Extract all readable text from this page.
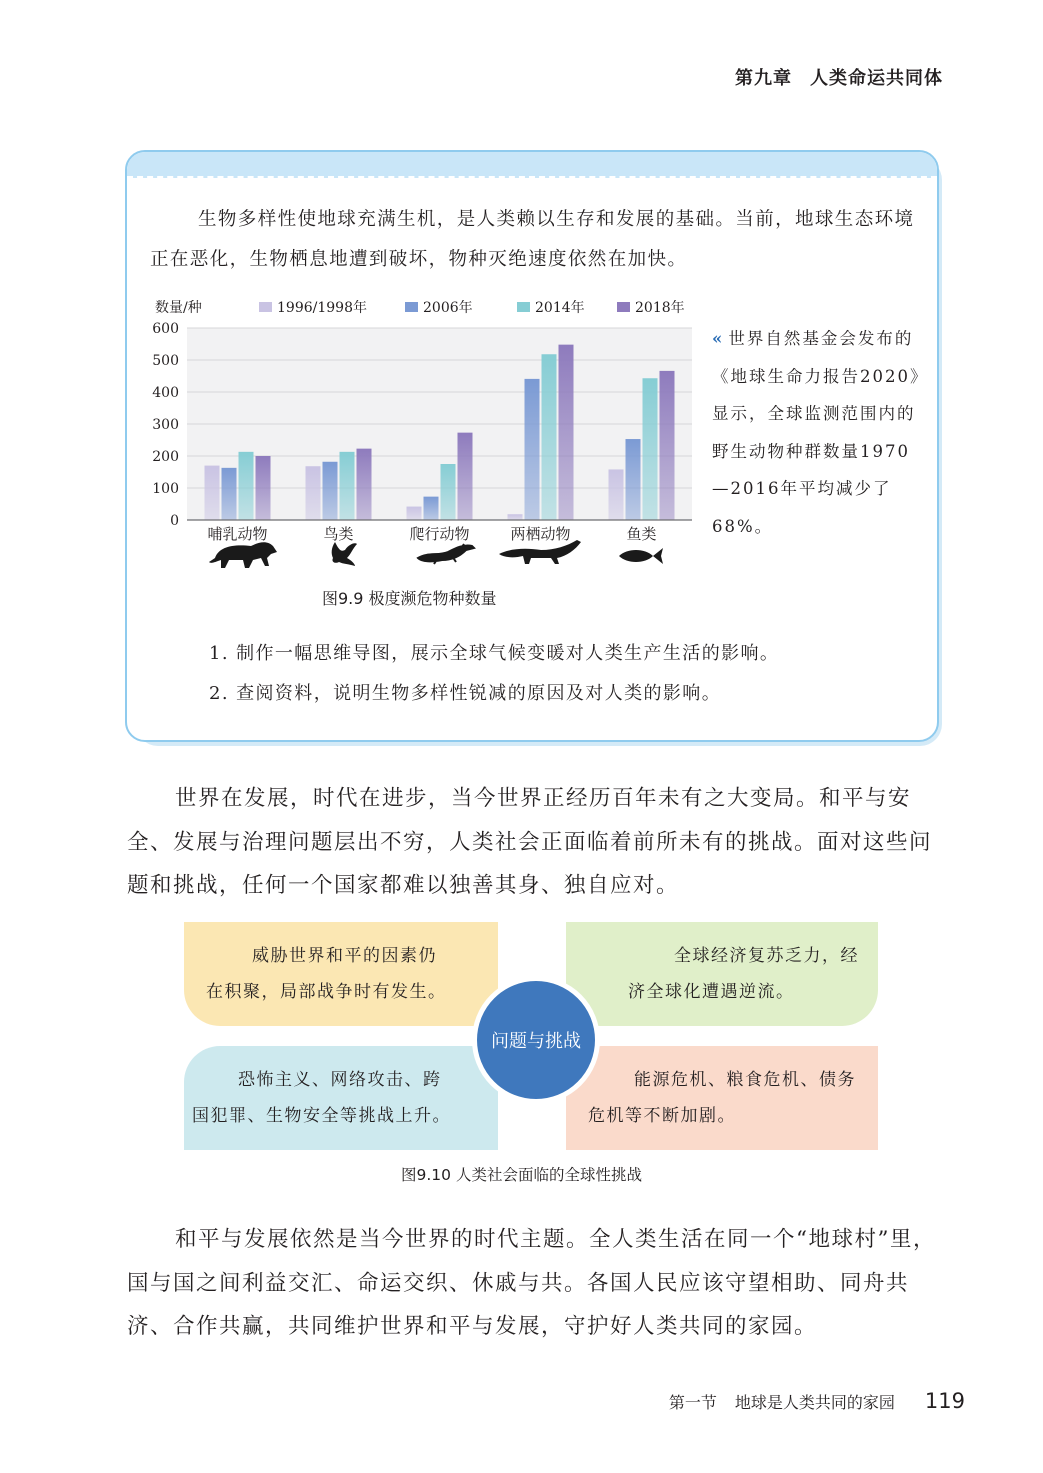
第九章 人类命运共同体

生物多样性使地球充满生机，是人类赖以生存和发展的基础。当前，地球生态环境正在恶化，生物栖息地遭到破坏，物种灭绝速度依然在加快。

0
100
200
300
400
500
600
数量/种	1996/1998年	2006年	2014年	2018年
哺乳动物	鸟类	爬行动物	两栖动物	鱼类

« 世界自然基金会发布的《地球生命力报告2020》显示，全球监测范围内的野生动物种群数量1970—2016年平均减少了68%。

图9.9 极度濒危物种数量

1. 制作一幅思维导图，展示全球气候变暖对人类生产生活的影响。

2. 查阅资料，说明生物多样性锐减的原因及对人类的影响。

世界在发展，时代在进步，当今世界正经历百年未有之大变局。和平与安全、发展与治理问题层出不穷，人类社会正面临着前所未有的挑战。面对这些问题和挑战，任何一个国家都难以独善其身、独自应对。

威胁世界和平的因素仍在积聚，局部战争时有发生。

全球经济复苏乏力，经济全球化遭遇逆流。

恐怖主义、网络攻击、跨国犯罪、生物安全等挑战上升。

能源危机、粮食危机、债务危机等不断加剧。

问题与挑战
图9.10 人类社会面临的全球性挑战

和平与发展依然是当今世界的时代主题。全人类生活在同一个“地球村”里，国与国之间利益交汇、命运交织、休戚与共。各国人民应该守望相助、同舟共济、合作共赢，共同维护世界和平与发展，守护好人类共同的家园。

第一节 地球是人类共同的家园 119
